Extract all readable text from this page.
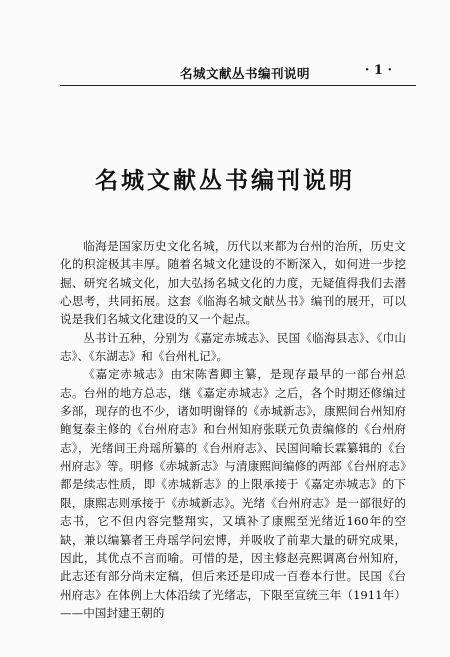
名城文献丛书编刊说明	· 1 ·
名城文献丛书编刊说明

临海是国家历史文化名城，历代以来都为台州的治所，历史文化的积淀极其丰厚。随着名城文化建设的不断深入，如何进一步挖掘、研究名城文化，加大弘扬名城文化的力度，无疑值得我们去潜心思考，共同拓展。这套《临海名城文献丛书》编刊的展开，可以说是我们名城文化建设的又一个起点。

丛书计五种，分别为《嘉定赤城志》、民国《临海县志》、《巾山志》、《东湖志》和《台州札记》。

《嘉定赤城志》由宋陈耆卿主纂，是现存最早的一部台州总志。台州的地方总志，继《嘉定赤城志》之后，各个时期还修编过多部，现存的也不少，诸如明谢铎的《赤城新志》，康熙间台州知府鲍复泰主修的《台州府志》和台州知府张联元负责编修的《台州府志》，光绪间王舟瑶所纂的《台州府志》、民国间喻长霖纂辑的《台州府志》等。明修《赤城新志》与清康熙间编修的两部《台州府志》都是续志性质，即《赤城新志》的上限承接于《嘉定赤城志》的下限，康熙志则承接于《赤城新志》。光绪《台州府志》是一部很好的志书，它不但内容完整翔实，又填补了康熙至光绪近160年的空缺，兼以编纂者王舟瑶学问宏博，并吸收了前辈大量的研究成果，因此，其优点不言而喻。可惜的是，因主修赵亮熙调离台州知府，此志还有部分尚未定稿，但后来还是印成一百卷本行世。民国《台州府志》在体例上大体沿续了光绪志，下限至宣统三年（1911年）——中国封建王朝的
